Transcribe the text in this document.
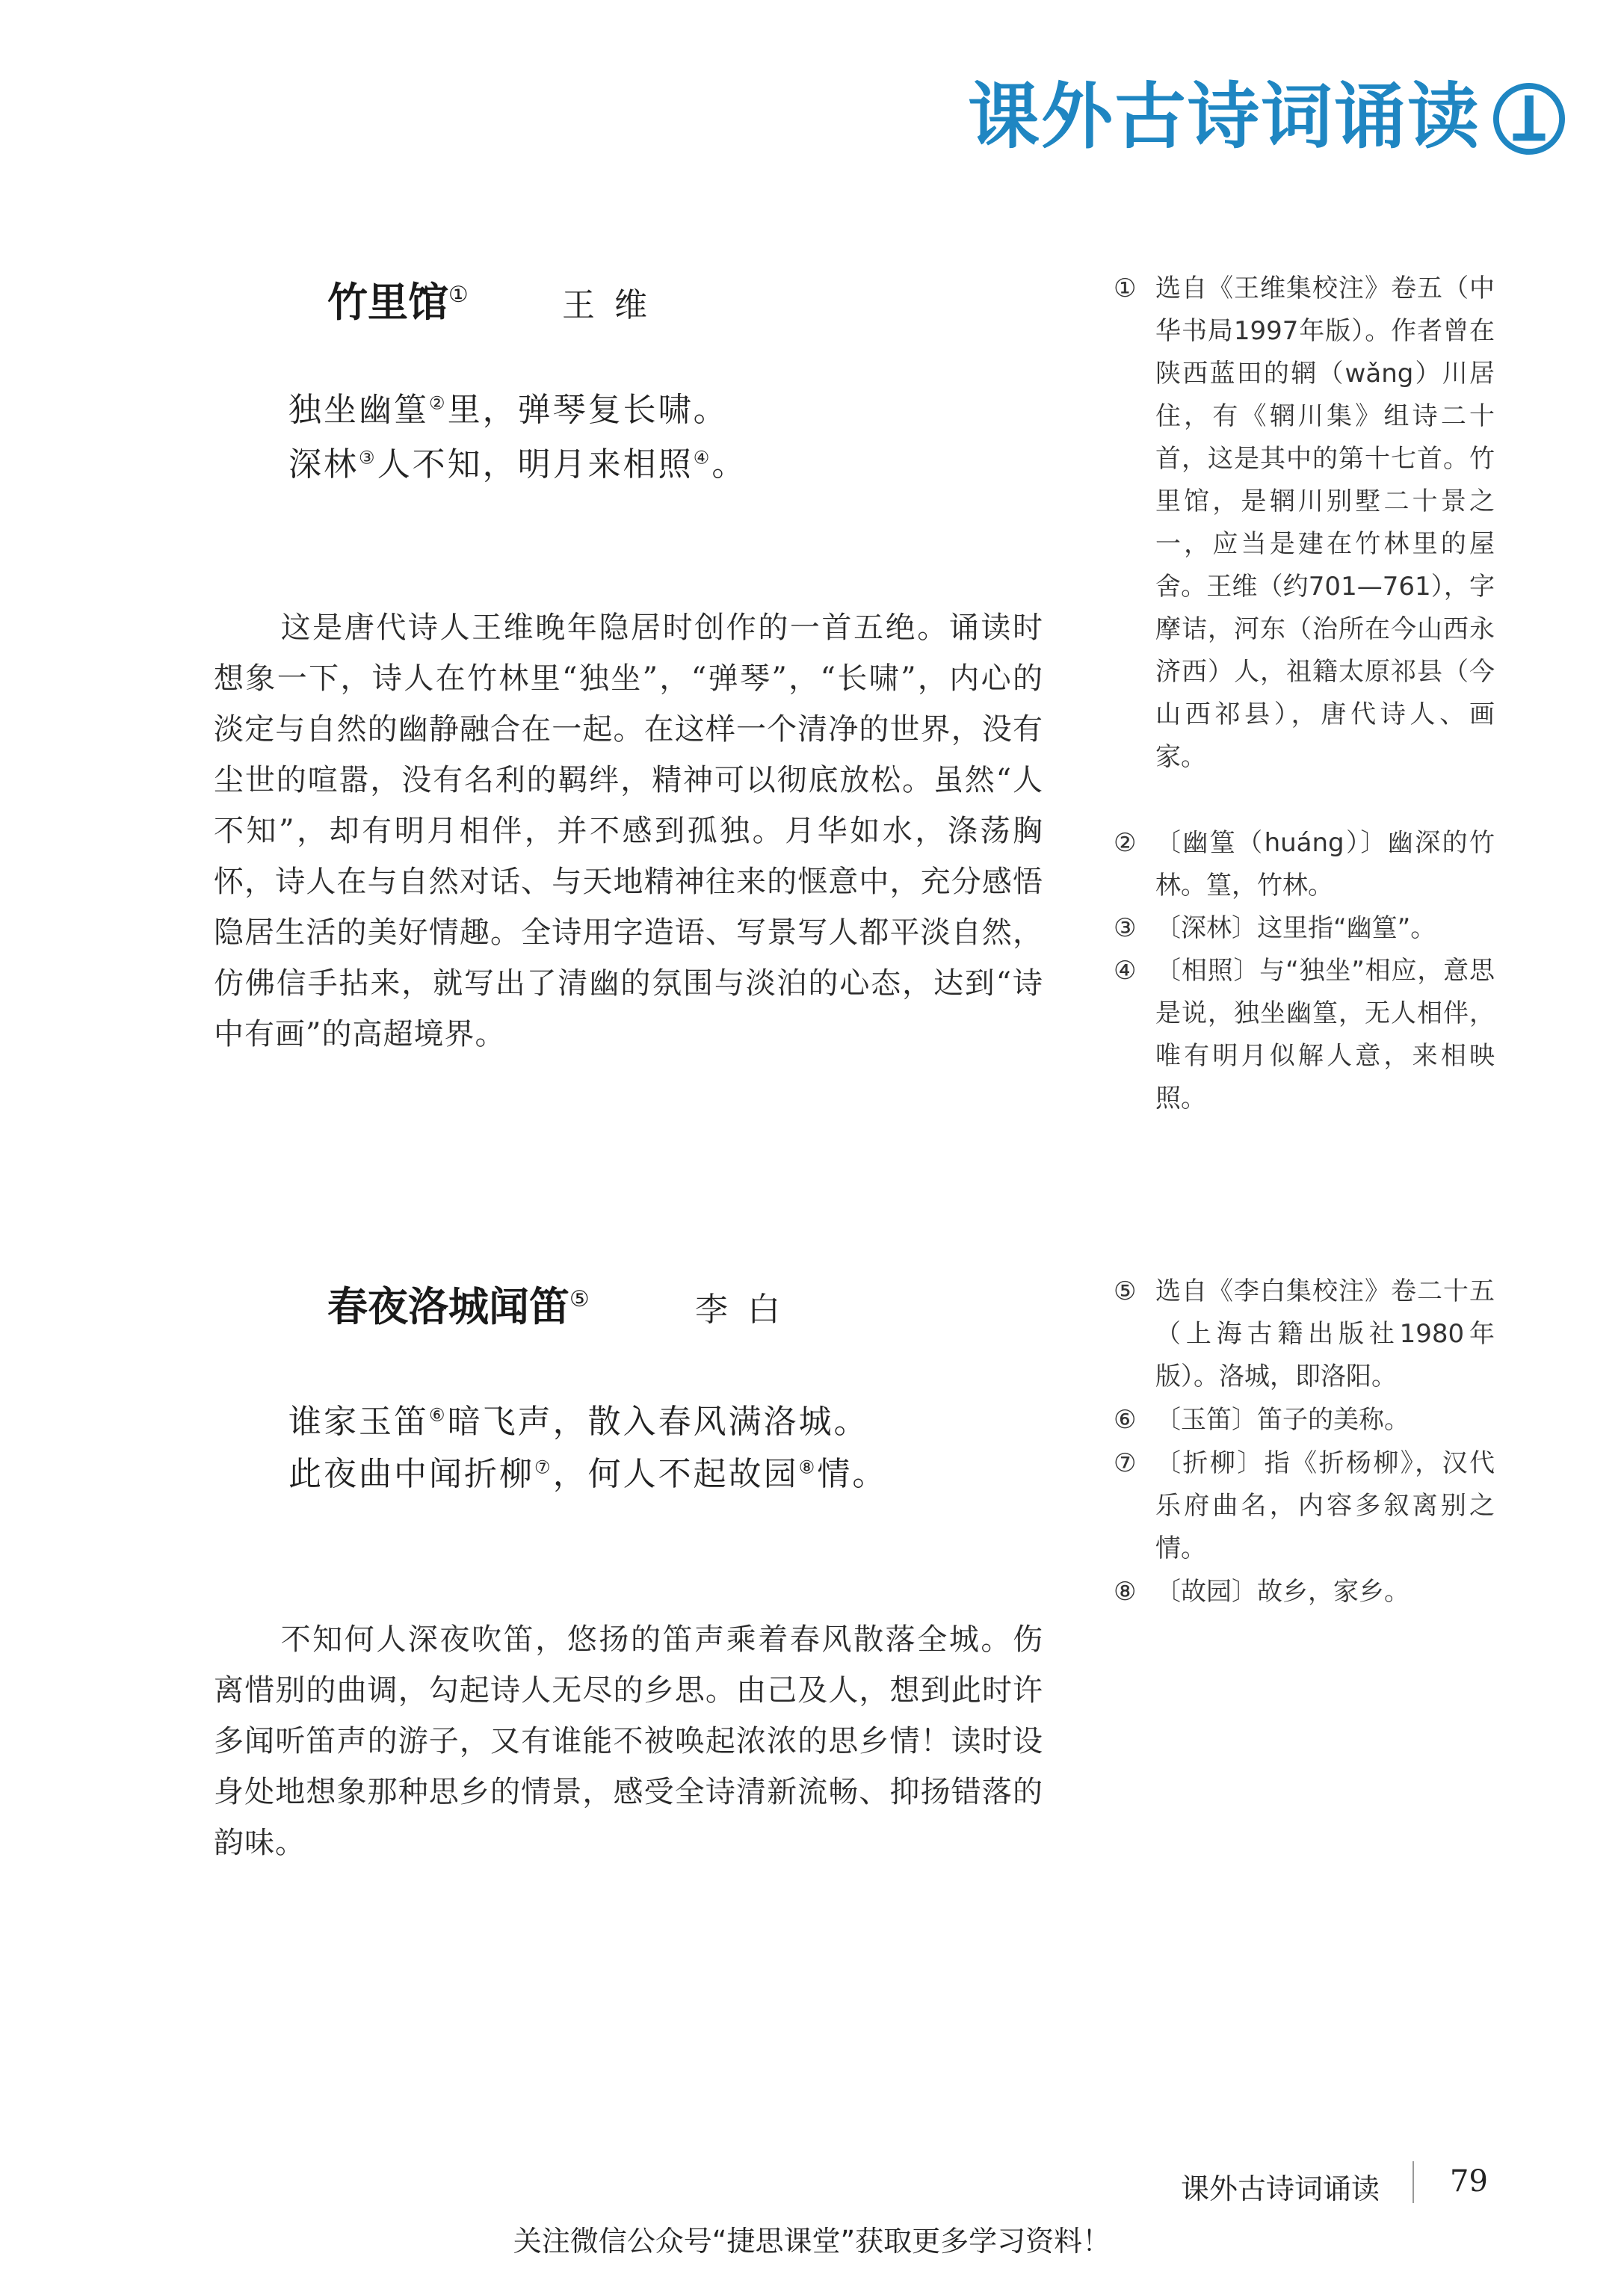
课外古诗词诵读
竹里馆①	王维
独坐幽篁②里，弹琴复长啸。
深林③人不知，明月来相照④。
这是唐代诗人王维晚年隐居时创作的一首五绝。诵读时想象一下，诗人在竹林里“独坐”，“弹琴”，“长啸”，内心的淡定与自然的幽静融合在一起。在这样一个清净的世界，没有尘世的喧嚣，没有名利的羁绊，精神可以彻底放松。虽然“人不知”，却有明月相伴，并不感到孤独。月华如水，涤荡胸怀，诗人在与自然对话、与天地精神往来的惬意中，充分感悟隐居生活的美好情趣。全诗用字造语、写景写人都平淡自然，仿佛信手拈来，就写出了清幽的氛围与淡泊的心态，达到“诗中有画”的高超境界。
① 选自《王维集校注》卷五（中华书局1997年版）。作者曾在陕西蓝田的辋（wǎng）川居住，有《辋川集》组诗二十首，这是其中的第十七首。竹里馆，是辋川别墅二十景之一，应当是建在竹林里的屋舍。王维（约701—761），字摩诘，河东（治所在今山西永济西）人，祖籍太原祁县（今山西祁县），唐代诗人、画家。
② 〔幽篁（huáng）〕幽深的竹林。篁，竹林。
③ 〔深林〕这里指“幽篁”。
④ 〔相照〕与“独坐”相应，意思是说，独坐幽篁，无人相伴，唯有明月似解人意，来相映照。
春夜洛城闻笛⑤	李白
谁家玉笛⑥暗飞声，散入春风满洛城。
此夜曲中闻折柳⑦，何人不起故园⑧情。
不知何人深夜吹笛，悠扬的笛声乘着春风散落全城。伤离惜别的曲调，勾起诗人无尽的乡思。由己及人，想到此时许多闻听笛声的游子，又有谁能不被唤起浓浓的思乡情！读时设身处地想象那种思乡的情景，感受全诗清新流畅、抑扬错落的韵味。
⑤ 选自《李白集校注》卷二十五（上海古籍出版社1980年版）。洛城，即洛阳。
⑥ 〔玉笛〕笛子的美称。
⑦ 〔折柳〕指《折杨柳》，汉代乐府曲名，内容多叙离别之情。
⑧ 〔故园〕故乡，家乡。
课外古诗词诵读 79
关注微信公众号“捷思课堂”获取更多学习资料！
